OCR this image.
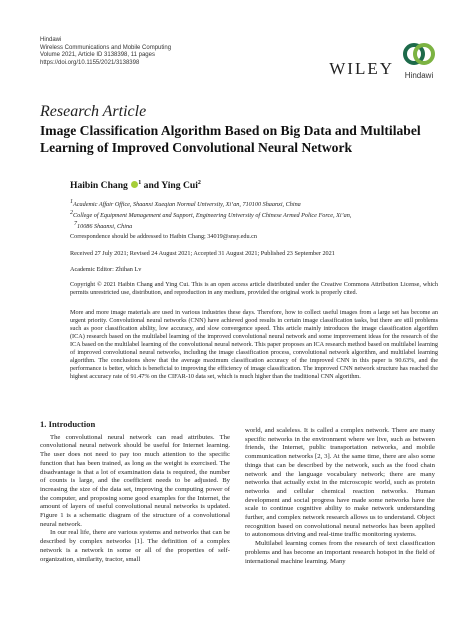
Hindawi
Wireless Communications and Mobile Computing
Volume 2021, Article ID 3138398, 11 pages
https://doi.org/10.1155/2021/3138398	WILEY Hindawi
Research Article
Image Classification Algorithm Based on Big Data and Multilabel Learning of Improved Convolutional Neural Network
Haibin Chang $^1$ and Ying Cui$^2$
$^1$Academic Affair Office, Shaanxi Xueqian Normal University, Xi’an, 710100 Shaanxi, China
$^2$College of Equipment Management and Support, Engineering University of Chinese Armed Police Force, Xi’an,
$^7$10086 Shaanxi, China
Correspondence should be addressed to Haibin Chang; 34019@snsy.edu.cn
Received 27 July 2021; Revised 24 August 2021; Accepted 31 August 2021; Published 23 September 2021
Academic Editor: Zhihan Lv
Copyright © 2021 Haibin Chang and Ying Cui. This is an open access article distributed under the Creative Commons Attribution License, which permits unrestricted use, distribution, and reproduction in any medium, provided the original work is properly cited.
More and more image materials are used in various industries these days. Therefore, how to collect useful images from a large set has become an urgent priority. Convolutional neural networks (CNN) have achieved good results in certain image classification tasks, but there are still problems such as poor classification ability, low accuracy, and slow convergence speed. This article mainly introduces the image classification algorithm (ICA) research based on the multilabel learning of the improved convolutional neural network and some improvement ideas for the research of the ICA based on the multilabel learning of the convolutional neural network. This paper proposes an ICA research method based on multilabel learning of improved convolutional neural networks, including the image classification process, convolutional network algorithm, and multilabel learning algorithm. The conclusions show that the average maximum classification accuracy of the improved CNN in this paper is 90.63%, and the performance is better, which is beneficial to improving the efficiency of image classification. The improved CNN network structure has reached the highest accuracy rate of 91.47% on the CIFAR-10 data set, which is much higher than the traditional CNN algorithm.
1. Introduction

The convolutional neural network can read attributes. The convolutional neural network should be useful for Internet learning. The user does not need to pay too much attention to the specific function that has been trained, as long as the weight is exercised. The disadvantage is that a lot of examination data is required, the number of counts is large, and the coefficient needs to be adjusted. By increasing the size of the data set, improving the computing power of the computer, and proposing some good examples for the Internet, the amount of layers of useful convolutional neural networks is updated. Figure 1 is a schematic diagram of the structure of a convolutional neural network.

In our real life, there are various systems and networks that can be described by complex networks [1]. The definition of a complex network is a network in some or all of the properties of self-organization, similarity, tractor, small

world, and scaleless. It is called a complex network. There are many specific networks in the environment where we live, such as between friends, the Internet, public transportation networks, and mobile communication networks [2, 3]. At the same time, there are also some things that can be described by the network, such as the food chain network and the language vocabulary network; there are many networks that actually exist in the microscopic world, such as protein networks and cellular chemical reaction networks. Human development and social progress have made some networks have the scale to continue cognitive ability to make network understanding further, and complex network research allows us to understand. Object recognition based on convolutional neural networks has been applied to autonomous driving and real-time traffic monitoring systems.

Multilabel learning comes from the research of text classification problems and has become an important research hotspot in the field of international machine learning. Many
